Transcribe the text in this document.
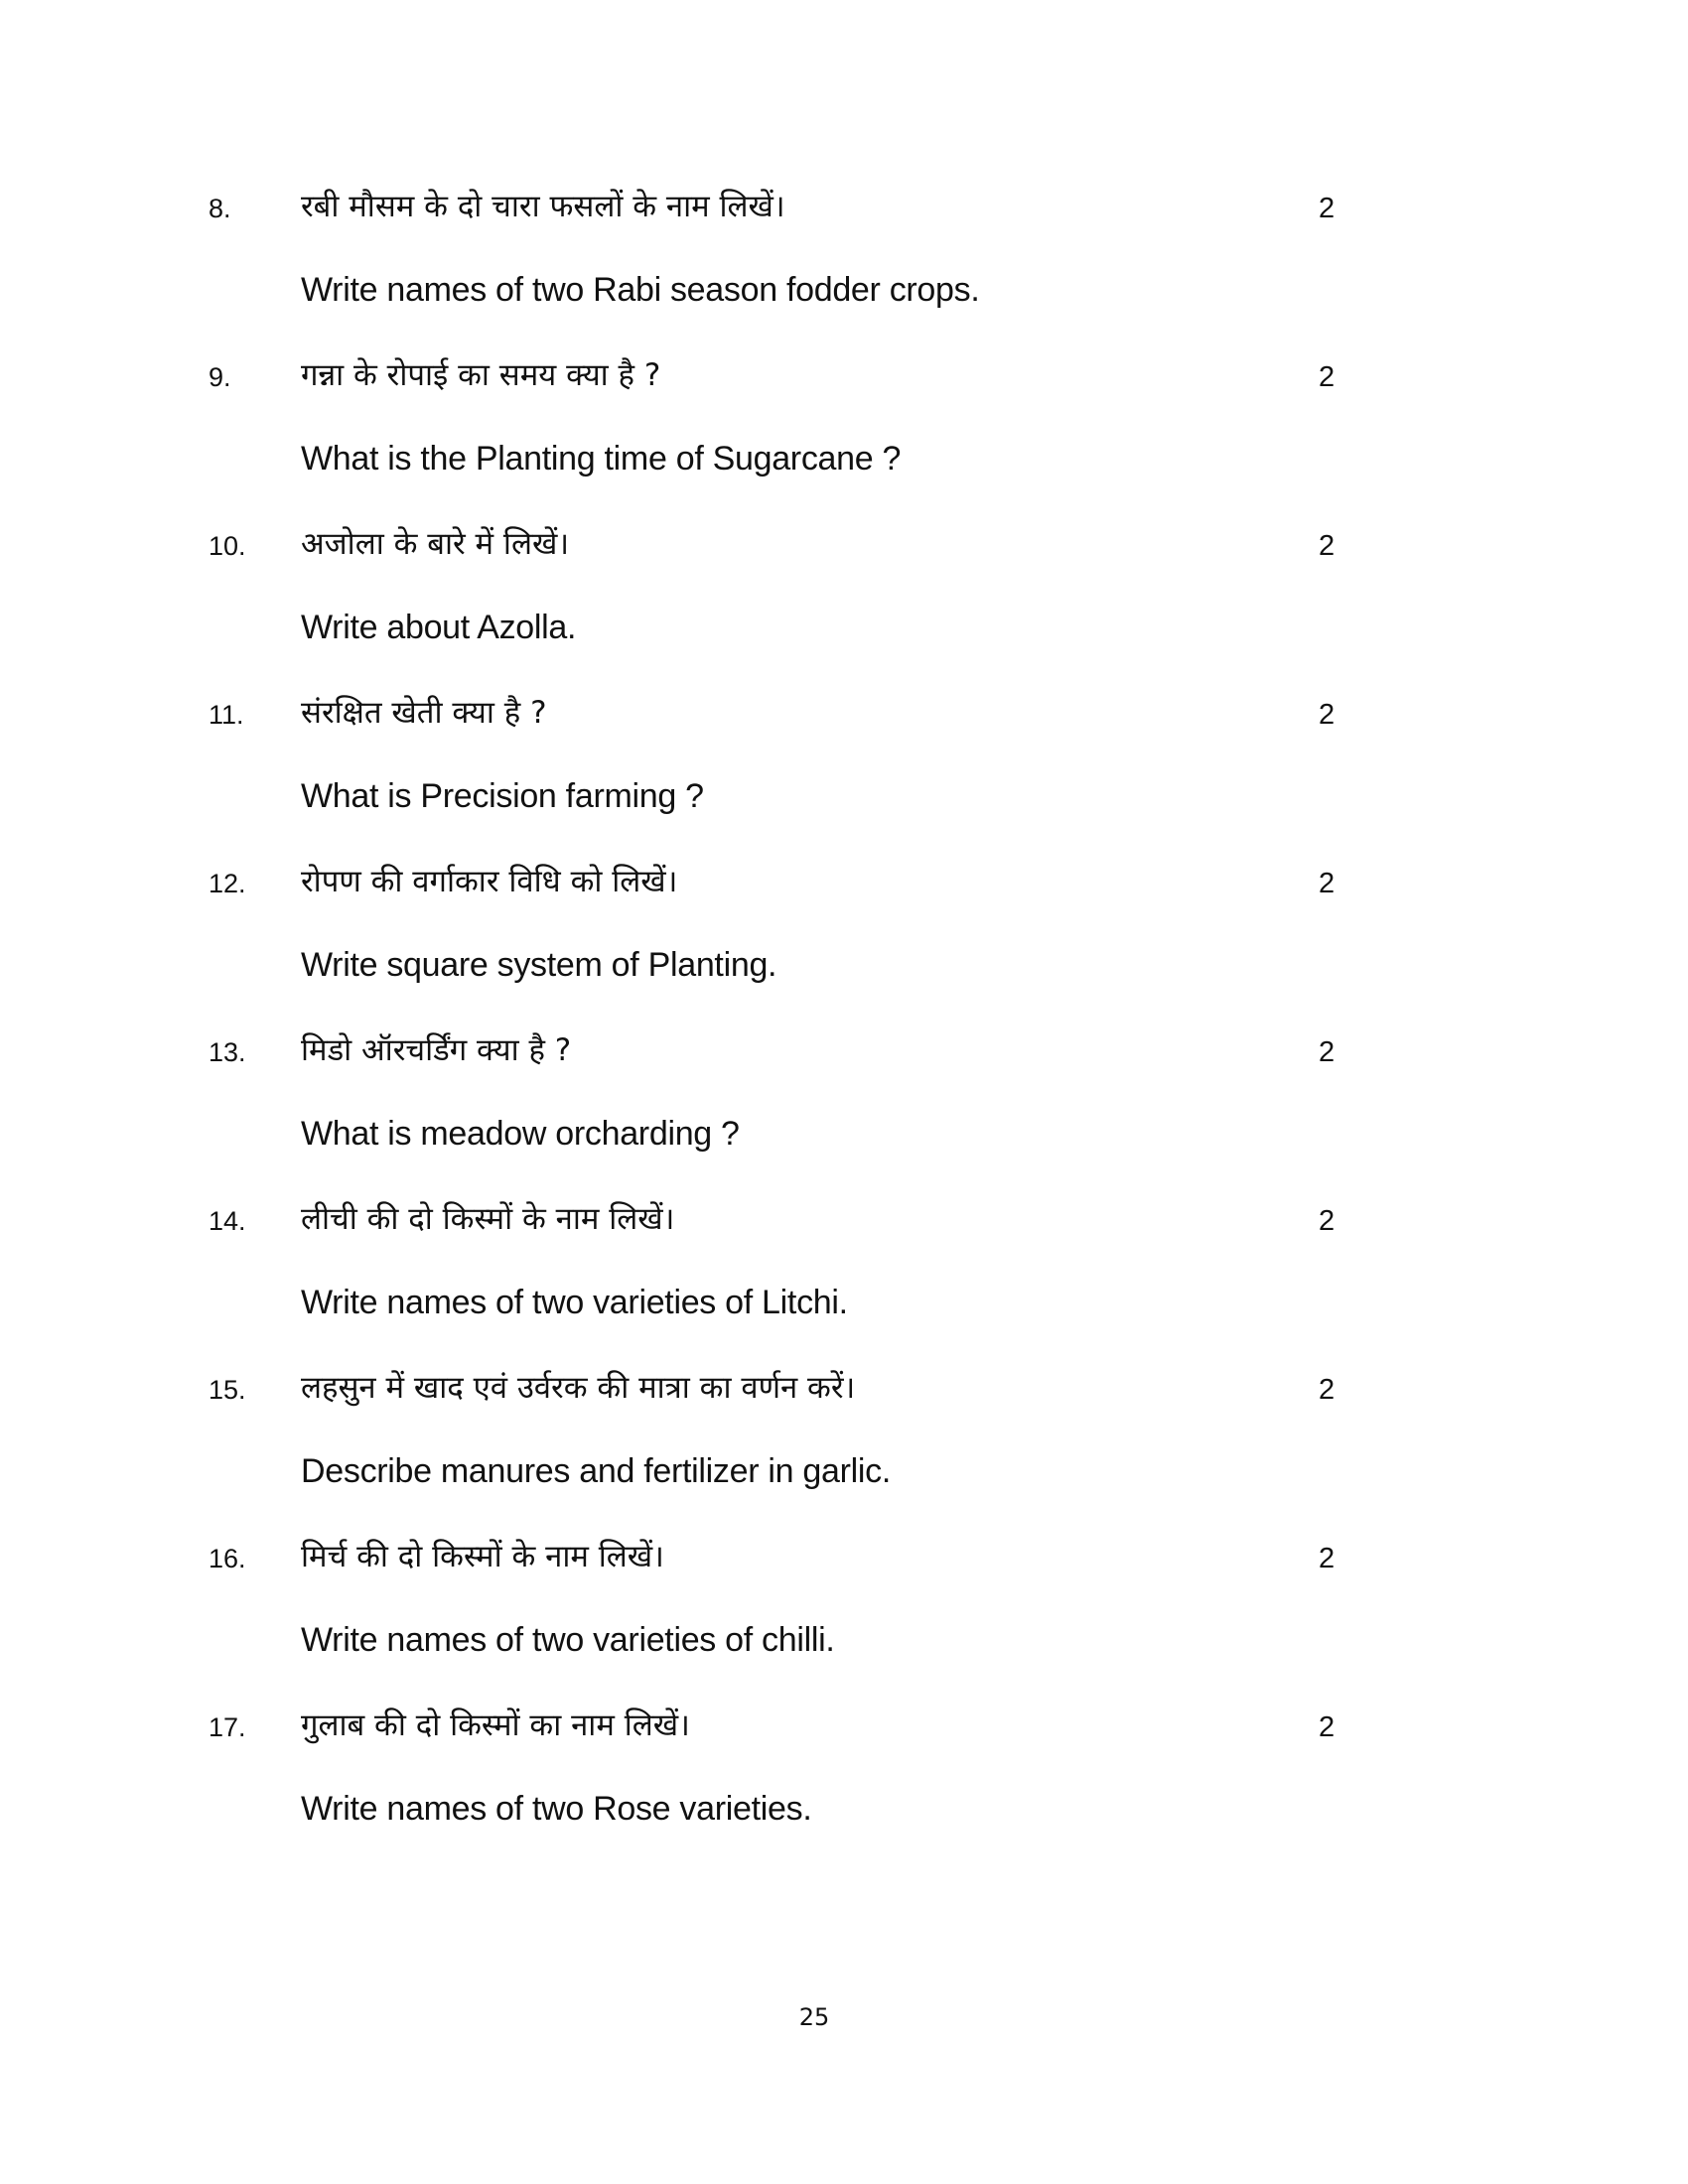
8. रबी मौसम के दो चारा फसलों के नाम लिखें।	2
Write names of two Rabi season fodder crops.
9. गन्ना के रोपाई का समय क्या है ?	2
What is the Planting time of Sugarcane ?
10. अजोला के बारे में लिखें।	2
Write about Azolla.
11. संरक्षित खेती क्या है ?	2
What is Precision farming ?
12. रोपण की वर्गाकार विधि को लिखें।	2
Write square system of Planting.
13. मिडो ऑरचर्डिंग क्या है ?	2
What is meadow orcharding ?
14. लीची की दो किस्मों के नाम लिखें।	2
Write names of two varieties of Litchi.
15. लहसुन में खाद एवं उर्वरक की मात्रा का वर्णन करें।	2
Describe manures and fertilizer in garlic.
16. मिर्च की दो किस्मों के नाम लिखें।	2
Write names of two varieties of chilli.
17. गुलाब की दो किस्मों का नाम लिखें।	2
Write names of two Rose varieties.
25
